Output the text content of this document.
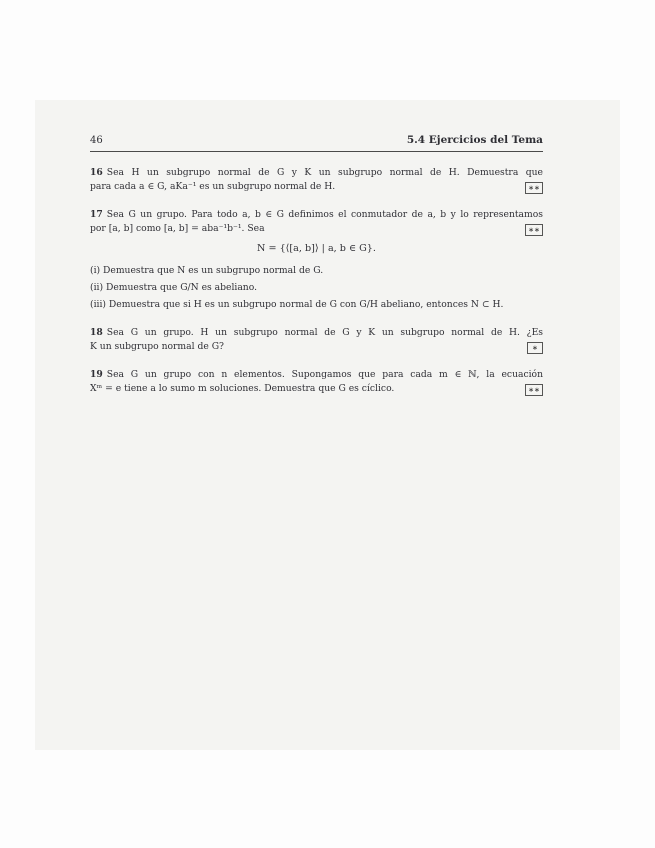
46	5.4 Ejercicios del Tema
16 Sea H un subgrupo normal de G y K un subgrupo normal de H. Demuestra que
para cada a ∈ G, aKa⁻¹ es un subgrupo normal de H.	∗∗
17 Sea G un grupo. Para todo a, b ∈ G definimos el conmutador de a, b y lo representamos
por [a, b] como [a, b] = aba⁻¹b⁻¹. Sea	∗∗
N = {⟨[a, b]⟩ | a, b ∈ G}.
(i) Demuestra que N es un subgrupo normal de G.
(ii) Demuestra que G/N es abeliano.
(iii) Demuestra que si H es un subgrupo normal de G con G/H abeliano, entonces N ⊂ H.
18 Sea G un grupo. H un subgrupo normal de G y K un subgrupo normal de H. ¿Es
K un subgrupo normal de G?	∗
19 Sea G un grupo con n elementos. Supongamos que para cada m ∈ ℕ, la ecuación
Xᵐ = e tiene a lo sumo m soluciones. Demuestra que G es cíclico.	∗∗
